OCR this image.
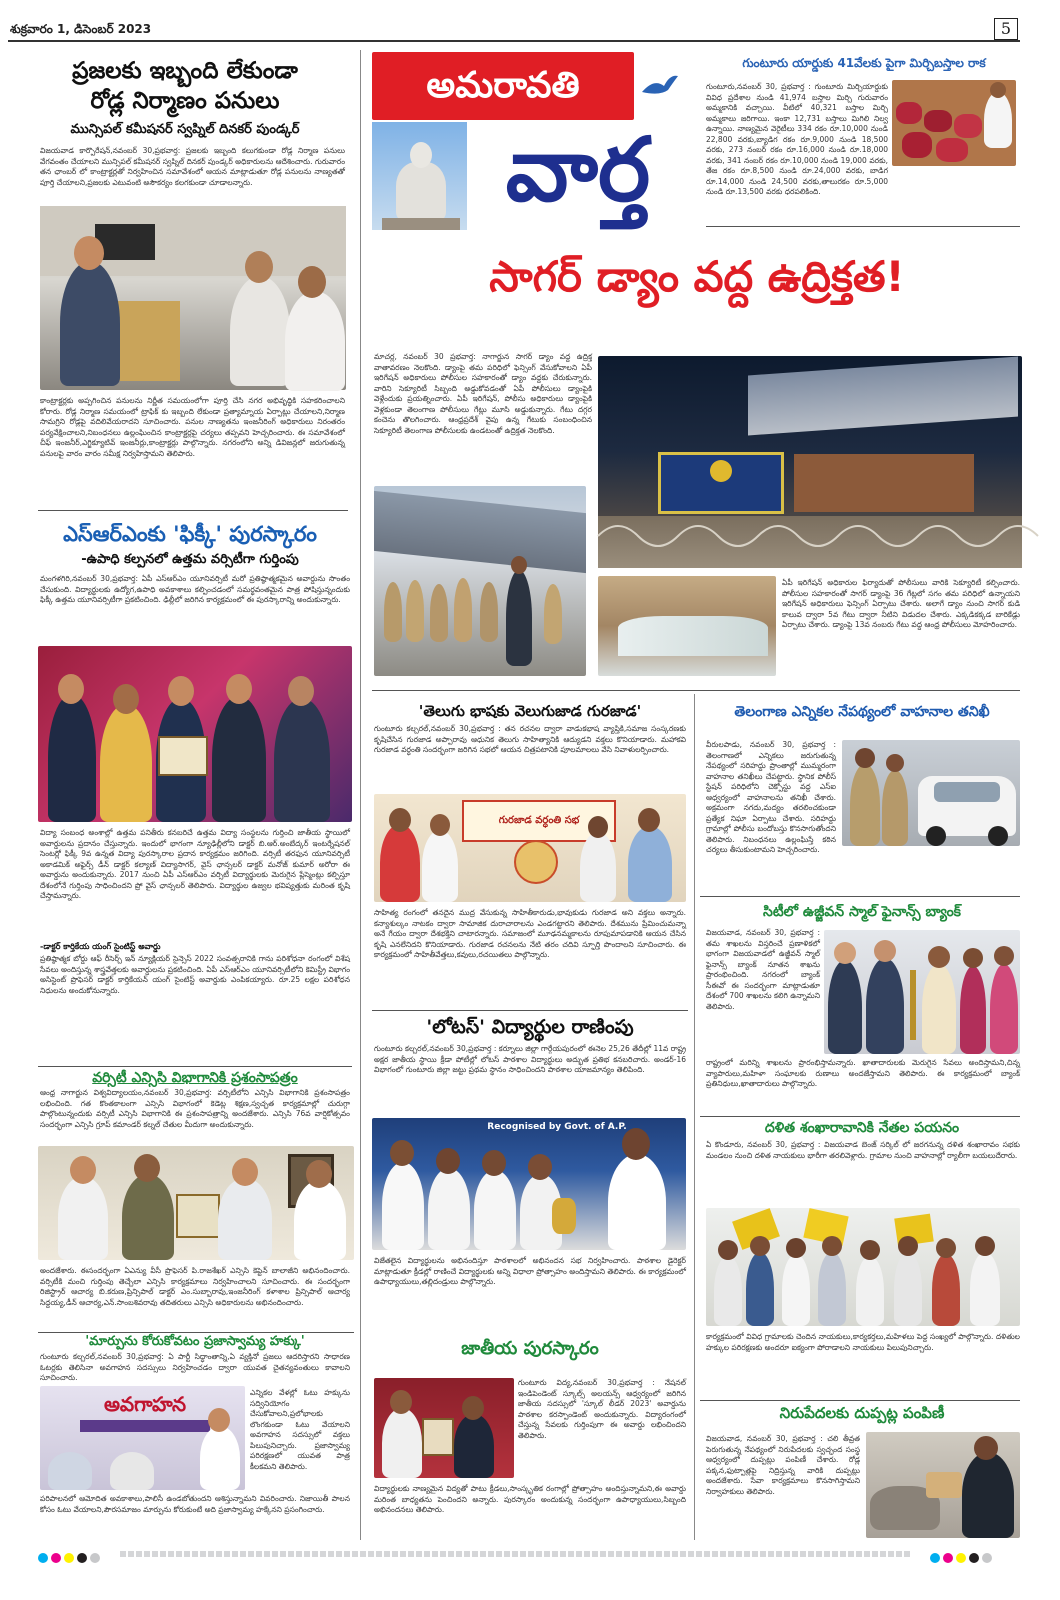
శుక్రవారం 1, డిసెంబర్ 2023	5
ప్రజలకు ఇబ్బంది లేకుండా
రోడ్ల నిర్మాణం పనులు
మున్సిపల్ కమీషనర్ స్వప్నిల్ దినకర్ పుండ్కర్
విజయవాడ కార్పొరేషన్,నవంబర్ 30,ప్రభవార్త: ప్రజలకు ఇబ్బంది కలుగకుండా రోడ్ల నిర్మాణ పనులు వేగవంతం చేయాలని మున్సిపల్ కమీషనర్ స్వప్నిల్ దినకర్ పుండ్కర్ అధికారులను ఆదేశించారు. గురువారం తన ఛాంబర్ లో కాంట్రాక్టర్లతో నిర్వహించిన సమావేశంలో ఆయన మాట్లాడుతూ రోడ్ల పనులను నాణ్యతతో పూర్తి చేయాలని,ప్రజలకు ఎటువంటి అసౌకర్యం కలగకుండా చూడాలన్నారు.
కాంట్రాక్టర్లకు అప్పగించిన పనులను నిర్ణీత సమయంలోగా పూర్తి చేసి నగర అభివృద్ధికి సహకరించాలని కోరారు. రోడ్ల నిర్మాణ సమయంలో ట్రాఫిక్ కు ఇబ్బంది లేకుండా ప్రత్యామ్నాయ ఏర్పాట్లు చేయాలని,నిర్మాణ సామగ్రిని రోడ్లపై వదిలివేయరాదని సూచించారు. పనుల నాణ్యతను ఇంజనీరింగ్ అధికారులు నిరంతరం పర్యవేక్షించాలని,నిబంధనలు ఉల్లంఘించిన కాంట్రాక్టర్లపై చర్యలు తప్పవని హెచ్చరించారు. ఈ సమావేశంలో చీఫ్ ఇంజనీర్,ఎగ్జిక్యూటివ్ ఇంజనీర్లు,కాంట్రాక్టర్లు పాల్గొన్నారు. నగరంలోని అన్ని డివిజన్లలో జరుగుతున్న పనులపై వారం వారం సమీక్ష నిర్వహిస్తామని తెలిపారు.
ఎస్ఆర్ఎంకు 'ఫిక్కీ' పురస్కారం
-ఉపాధి కల్పనలో ఉత్తమ వర్సిటీగా గుర్తింపు
మంగళగిరి,నవంబర్ 30,ప్రభవార్త: ఏపీ ఎస్ఆర్ఎం యూనివర్సిటీ మరో ప్రతిష్ఠాత్మకమైన అవార్డును సొంతం చేసుకుంది. విద్యార్థులకు ఉద్యోగ,ఉపాధి అవకాశాలు కల్పించడంలో సమర్థవంతమైన పాత్ర పోషిస్తున్నందుకు ఫిక్కీ ఉత్తమ యూనివర్సిటీగా ప్రకటించింది. ఢిల్లీలో జరిగిన కార్యక్రమంలో ఈ పురస్కారాన్ని అందుకున్నారు.
విద్యా సంబంధ అంశాల్లో ఉత్తమ పనితీరు కనబరిచే ఉత్తమ విద్యా సంస్థలను గుర్తించి జాతీయ స్థాయిలో అవార్డులను ప్రదానం చేస్తున్నారు. ఇందులో భాగంగా న్యూఢిల్లీలోని డాక్టర్ బి.ఆర్.అంబేద్కర్ ఇంటర్నేషనల్ సెంటర్లో ఫిక్కీ 9వ ఉన్నత విద్యా పురస్కారాల ప్రదాన కార్యక్రమం జరిగింది. వర్సిటీ తరఫున యూనివర్సిటీ అకాడమిక్ అఫైర్స్ డీన్ డాక్టర్ కల్యాణ్ విద్యాసాగర్, వైస్ ఛాన్సలర్ డాక్టర్ మనోజ్ కుమార్ అరోరా ఈ అవార్డును అందుకున్నారు. 2017 నుంచి ఏపీ ఎస్ఆర్ఎం వర్సిటీ విద్యార్థులకు మెరుగైన ప్లేస్మెంట్లు కల్పిస్తూ దేశంలోనే గుర్తింపు సాధించిందని ప్రో వైస్ ఛాన్సలర్ తెలిపారు. విద్యార్థుల ఉజ్వల భవిష్యత్తుకు మరింత కృషి చేస్తామన్నారు.
-డాక్టర్ కార్తికేయ యంగ్ సైంటిస్ట్ అవార్డు
ప్రతిష్ఠాత్మక బోర్డు ఆఫ్ రీసెర్చ్ ఇన్ న్యూక్లియర్ సైన్సెస్ 2022 సంవత్సరానికి గాను పరిశోధనా రంగంలో విశేష సేవలు అందిస్తున్న శాస్త్రవేత్తలకు అవార్డులను ప్రకటించింది. ఏపీ ఎస్ఆర్ఎం యూనివర్సిటీలోని కెమిస్ట్రీ విభాగం అసిస్టెంట్ ప్రొఫెసర్ డాక్టర్ కార్తికేయన్ యంగ్ సైంటిస్ట్ అవార్డుకు ఎంపికయ్యారు. రూ.25 లక్షల పరిశోధన నిధులను అందుకోనున్నారు.
వర్సిటీ ఎన్సిసి విభాగానికి ప్రశంసాపత్రం
ఆంధ్ర నాగార్జున విశ్వవిద్యాలయం,నవంబర్ 30,ప్రభవార్త: వర్సిటీలోని ఎన్సిసి విభాగానికి ప్రశంసాపత్రం లభించింది. గత కొంతకాలంగా ఎన్సిసి విభాగంలో కెడెట్ల శిక్షణ,స్వచ్ఛత కార్యక్రమాల్లో చురుగ్గా పాల్గొంటున్నందుకు వర్సిటీ ఎన్సిసి విభాగానికి ఈ ప్రశంసాపత్రాన్ని అందజేశారు. ఎన్సిసి 76వ వార్షికోత్సవం సందర్భంగా ఎన్సిసి గ్రూప్ కమాండర్ కల్నల్ చేతుల మీదుగా అందుకున్నారు.
అందజేశారు. ఈసందర్భంగా ఏఎన్యు వీసీ ప్రొఫెసర్ పి.రాజశేఖర్ ఎన్సిసి కెప్టెన్ బాలాజీని అభినందించారు. వర్సిటీకి మంచి గుర్తింపు తెచ్చేలా ఎన్సిసి కార్యక్రమాలు నిర్వహించాలని సూచించారు. ఈ సందర్భంగా రిజిస్ట్రార్ ఆచార్య బి.కరుణ,ప్రిన్సిపాల్ డాక్టర్ ఎం.సుబ్బారావు,ఇంజనీరింగ్ కళాశాల ప్రిన్సిపాల్ ఆచార్య సిద్దయ్య,డీన్ ఆచార్య,ఎన్.సాంబశివరావు తదితరులు ఎన్సిసి అధికారులను అభినందించారు.
'మార్పును కోరుకోవటం ప్రజాస్వామ్య హక్కు'
గుంటూరు కల్చరల్,నవంబర్ 30,ప్రభవార్త: ఏ పార్టీ సిద్ధాంతాన్ని,ఏ వ్యక్తినో ప్రజలు ఆదరిస్తారని సాధారణ ఓటర్లకు తెలిసినా అవగాహన సదస్సులు నిర్వహించడం ద్వారా యువత చైతన్యవంతులు కావాలని సూచించారు.
అవగాహన	ఎన్నికల వేళల్లో ఓటు హక్కును సద్వినియోగం చేసుకోవాలని,ప్రలోభాలకు లొంగకుండా ఓటు వేయాలని అవగాహన సదస్సులో వక్తలు పిలుపునిచ్చారు. ప్రజాస్వామ్య పరిరక్షణలో యువత పాత్ర కీలకమని తెలిపారు.
పరిపాలనలో ఆమోదిత అవకాశాలు,పాలిసీ ఉండబోతుందని ఆశిస్తున్నామని వివరించారు. నిజాయితీ పాలన కోసం ఓటు వేయాలని,పౌరసమాజం మార్పును కోరుకుంటే అది ప్రజాస్వామ్య హక్కేనని ప్రసంగించారు.
అమరావతి
వార్త
గుంటూరు యార్డుకు 41వేలకు పైగా మిర్చిబస్తాల రాక
గుంటూరు,నవంబర్ 30, ప్రభవార్త : గుంటూరు మిర్చియార్డుకు వివిధ ప్రదేశాల నుండి 41,974 బస్తాల మిర్చి గురువారం అమ్మకానికి వచ్చాయి. వీటిలో 40,321 బస్తాల మిర్చి అమ్మకాలు జరిగాయి. ఇంకా 12,731 బస్తాలు మిగిలి నిల్వ ఉన్నాయి. నాణ్యమైన వెరైటీలు 334 రకం రూ.10,000 నుండి 22,800 వరకు,బ్యాడిగ రకం రూ.9,000 నుండి 18,500 వరకు, 273 నంబర్ రకం రూ.16,000 నుండి రూ.18,000 వరకు, 341 నంబర్ రకం రూ.10,000 నుండి 19,000 వరకు, తేజ రకం రూ.8,500 నుండి రూ.24,000 వరకు, బాడిగ రూ.14,000 నుండి 24,500 వరకు,తాలురకం రూ.5,000 నుండి రూ.13,500 వరకు ధరపలికింది.
సాగర్ డ్యాం వద్ద ఉద్రిక్తత!
మాచర్ల, నవంబర్ 30 ప్రభవార్త: నాగార్జున సాగర్ డ్యాం వద్ద ఉద్రిక్త వాతావరణం నెలకొంది. డ్యాంపై తమ పరిధిలో ఫెన్సింగ్ వేసుకోవాలని ఏపీ ఇరిగేషన్ అధికారులు పోలీసుల సహకారంతో డ్యాం వద్దకు చేరుకున్నారు. వారిని సెక్యూరిటీ సిబ్బంది అడ్డుకోవడంతో ఏపీ పోలీసులు డ్యాంపైకి వెళ్లేందుకు ప్రయత్నించారు. ఏపీ ఇరిగేషన్, పోలీసు అధికారులు డ్యాంపైకి వెళ్లకుండా తెలంగాణ పోలీసులు గేట్లు మూసి అడ్డుకున్నారు. గేటు దగ్గర కంచెను తొలగించారు. ఆంధ్రప్రదేశ్ వైపు ఉన్న గేటుకు సంబంధించిన సెక్యూరిటీ తెలంగాణ పోలీసులకు ఉండటంతో ఉద్రిక్తత నెలకొంది.
ఏపీ ఇరిగేషన్ అధికారుల ఫిర్యాదుతో పోలీసులు వారికి సెక్యూరిటీ కల్పించారు. పోలీసుల సహకారంతో సాగర్ డ్యాంపై 36 గేట్లలో సగం తమ పరిధిలో ఉన్నాయని ఇరిగేషన్ అధికారులు ఫెన్సింగ్ ఏర్పాటు చేశారు. అలాగే డ్యాం నుంచి సాగర్ కుడి కాలువ ద్వారా 5వ గేటు ద్వారా నీటిని విడుదల చేశారు. ఎక్కడికక్కడ బారికేడ్లు ఏర్పాటు చేశారు. డ్యాంపై 13వ నంబరు గేటు వద్ద ఆంధ్ర పోలీసులు మోహరించారు.
'తెలుగు భాషకు వెలుగుజాడ గురజాడ'
గుంటూరు కల్చరల్,నవంబర్ 30,ప్రభవార్త : తన రచనల ద్వారా వాడుకభాష వ్యాప్తికి,సమాజ సంస్కరణకు కృషిచేసిన గురజాడ అప్పారావు ఆధునిక తెలుగు సాహిత్యానికి ఆద్యుడని వక్తలు కొనియాడారు. మహాకవి గురజాడ వర్ధంతి సందర్భంగా జరిగిన సభలో ఆయన చిత్రపటానికి పూలమాలలు వేసి నివాళులర్పించారు.
గురజాడ వర్ధంతి సభ
సాహిత్య రంగంలో తనదైన ముద్ర వేసుకున్న సాహితీకారుడు,భావుకుడు గురజాడ అని వక్తలు అన్నారు. కన్యాశుల్కం నాటకం ద్వారా సామాజిక దురాచారాలను ఎండగట్టారని తెలిపారు. దేశమును ప్రేమించుమన్నా అనే గేయం ద్వారా దేశభక్తిని చాటారన్నారు. సమాజంలో మూఢనమ్మకాలను రూపుమాపడానికి ఆయన చేసిన కృషి ఎనలేనిదని కొనియాడారు. గురజాడ రచనలను నేటి తరం చదివి స్ఫూర్తి పొందాలని సూచించారు. ఈ కార్యక్రమంలో సాహితీవేత్తలు,కవులు,రచయితలు పాల్గొన్నారు.
'లోటస్' విద్యార్థుల రాణింపు
గుంటూరు కల్చరల్,నవంబర్ 30,ప్రభవార్త : కర్నూలు జిల్లా గార్గేయపురంలో ఈనెల 25,26 తేదీల్లో 11వ రాష్ట్ర అక్షర జాతీయ స్థాయి క్రీడా పోటీల్లో లోటస్ పాఠశాల విద్యార్థులు అద్భుత ప్రతిభ కనబరిచారు. అండర్-16 విభాగంలో గుంటూరు జిల్లా జట్టు ప్రథమ స్థానం సాధించిందని పాఠశాల యాజమాన్యం తెలిపింది.
Recognised by Govt. of A.P.
విజేతలైన విద్యార్థులను అభినందిస్తూ పాఠశాలలో అభినందన సభ నిర్వహించారు. పాఠశాల డైరెక్టర్ మాట్లాడుతూ క్రీడల్లో రాణించే విద్యార్థులకు అన్ని విధాలా ప్రోత్సాహం అందిస్తామని తెలిపారు. ఈ కార్యక్రమంలో ఉపాధ్యాయులు,తల్లిదండ్రులు పాల్గొన్నారు.
జాతీయ పురస్కారం
గుంటూరు విద్య,నవంబర్ 30,ప్రభవార్త : నేషనల్ ఇండిపెండెంట్ స్కూల్స్ అలయన్స్ ఆధ్వర్యంలో జరిగిన జాతీయ సదస్సులో 'స్కూల్ లీడర్ 2023' అవార్డును పాఠశాల కరస్పాండెంట్ అందుకున్నారు. విద్యారంగంలో చేస్తున్న సేవలకు గుర్తింపుగా ఈ అవార్డు లభించిందని తెలిపారు.
విద్యార్థులకు నాణ్యమైన విద్యతో పాటు క్రీడలు,సాంస్కృతిక రంగాల్లో ప్రోత్సాహం అందిస్తున్నామని,ఈ అవార్డు మరింత బాధ్యతను పెంచిందని అన్నారు. పురస్కారం అందుకున్న సందర్భంగా ఉపాధ్యాయులు,సిబ్బంది అభినందనలు తెలిపారు.
తెలంగాణ ఎన్నికల నేపథ్యంలో వాహనాల తనిఖీ
వీరులపాడు, నవంబర్ 30, ప్రభవార్త : తెలంగాణలో ఎన్నికలు జరుగుతున్న నేపథ్యంలో సరిహద్దు ప్రాంతాల్లో ముమ్మరంగా వాహనాల తనిఖీలు చేపట్టారు. స్థానిక పోలీస్ స్టేషన్ పరిధిలోని చెక్పోస్టు వద్ద ఎస్ఐ ఆధ్వర్యంలో వాహనాలను తనిఖీ చేశారు. అక్రమంగా నగదు,మద్యం తరలించకుండా ప్రత్యేక నిఘా ఏర్పాటు చేశారు. సరిహద్దు గ్రామాల్లో పోలీసు బందోబస్తు కొనసాగుతోందని తెలిపారు. నిబంధనలు ఉల్లంఘిస్తే కఠిన చర్యలు తీసుకుంటామని హెచ్చరించారు.
సిటీలో ఉజ్జీవన్ స్మాల్ ఫైనాన్స్ బ్యాంక్
విజయవాడ, నవంబర్ 30, ప్రభవార్త : తమ శాఖలను విస్తరించే ప్రణాళికలో భాగంగా విజయవాడలో ఉజ్జీవన్ స్మాల్ ఫైనాన్స్ బ్యాంక్ నూతన శాఖను ప్రారంభించింది. నగరంలో బ్యాంక్ సీఈవో ఈ సందర్భంగా మాట్లాడుతూ దేశంలో 700 శాఖలను కలిగి ఉన్నామని తెలిపారు.
రాష్ట్రంలో మరిన్ని శాఖలను ప్రారంభిస్తామన్నారు. ఖాతాదారులకు మెరుగైన సేవలు అందిస్తామని,చిన్న వ్యాపారులు,మహిళా సంఘాలకు రుణాలు అందజేస్తామని తెలిపారు. ఈ కార్యక్రమంలో బ్యాంక్ ప్రతినిధులు,ఖాతాదారులు పాల్గొన్నారు.
దళిత శంఖారావానికి నేతల పయనం
ఏ కొండూరు, నవంబర్ 30, ప్రభవార్త : విజయవాడ బెంజ్ సర్కిల్ లో జరగనున్న దళిత శంఖారావం సభకు మండలం నుంచి దళిత నాయకులు భారీగా తరలివెళ్లారు. గ్రామాల నుంచి వాహనాల్లో ర్యాలీగా బయలుదేరారు.
కార్యక్రమంలో వివిధ గ్రామాలకు చెందిన నాయకులు,కార్యకర్తలు,మహిళలు పెద్ద సంఖ్యలో పాల్గొన్నారు. దళితుల హక్కుల పరిరక్షణకు అందరూ ఐక్యంగా పోరాడాలని నాయకులు పిలుపునిచ్చారు.
నిరుపేదలకు దుప్పట్ల పంపిణీ
విజయవాడ, నవంబర్ 30, ప్రభవార్త : చలి తీవ్రత పెరుగుతున్న నేపథ్యంలో నిరుపేదలకు స్వచ్ఛంద సంస్థ ఆధ్వర్యంలో దుప్పట్లు పంపిణీ చేశారు. రోడ్ల పక్కన,ఫుట్పాత్లపై నిద్రిస్తున్న వారికి దుప్పట్లు అందజేశారు. సేవా కార్యక్రమాలు కొనసాగిస్తామని నిర్వాహకులు తెలిపారు.
